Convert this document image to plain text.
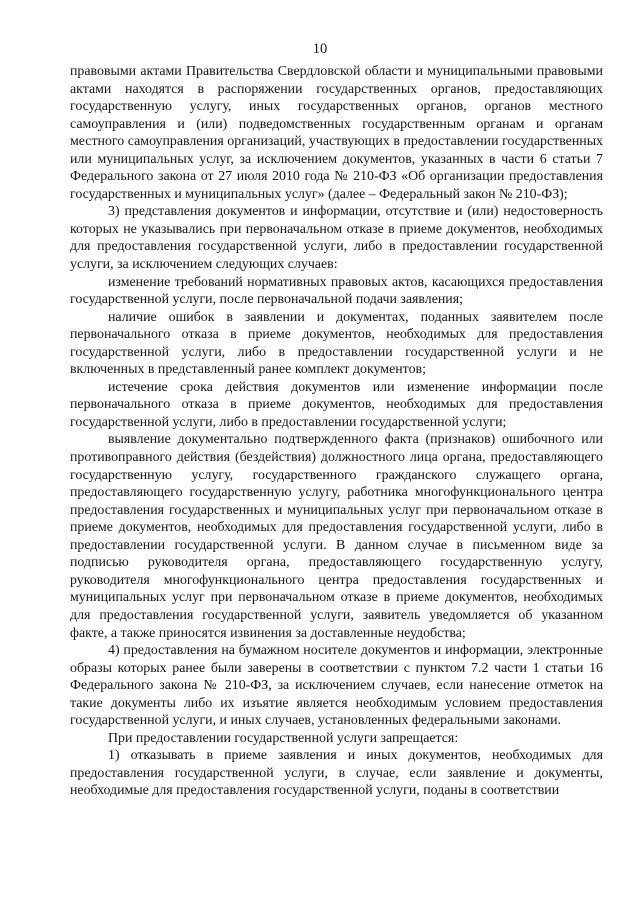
10

правовыми актами Правительства Свердловской области и муниципальными правовыми актами находятся в распоряжении государственных органов, предоставляющих государственную услугу, иных государственных органов, органов местного самоуправления и (или) подведомственных государственным органам и органам местного самоуправления организаций, участвующих в предоставлении государственных или муниципальных услуг, за исключением документов, указанных в части 6 статьи 7 Федерального закона от 27 июля 2010 года № 210-ФЗ «Об организации предоставления государственных и муниципальных услуг» (далее – Федеральный закон № 210-ФЗ);

3) представления документов и информации, отсутствие и (или) недостоверность которых не указывались при первоначальном отказе в приеме документов, необходимых для предоставления государственной услуги, либо в предоставлении государственной услуги, за исключением следующих случаев:

изменение требований нормативных правовых актов, касающихся предоставления государственной услуги, после первоначальной подачи заявления;

наличие ошибок в заявлении и документах, поданных заявителем после первоначального отказа в приеме документов, необходимых для предоставления государственной услуги, либо в предоставлении государственной услуги и не включенных в представленный ранее комплект документов;

истечение срока действия документов или изменение информации после первоначального отказа в приеме документов, необходимых для предоставления государственной услуги, либо в предоставлении государственной услуги;

выявление документально подтвержденного факта (признаков) ошибочного или противоправного действия (бездействия) должностного лица органа, предоставляющего государственную услугу, государственного гражданского служащего органа, предоставляющего государственную услугу, работника многофункционального центра предоставления государственных и муниципальных услуг при первоначальном отказе в приеме документов, необходимых для предоставления государственной услуги, либо в предоставлении государственной услуги. В данном случае в письменном виде за подписью руководителя органа, предоставляющего государственную услугу, руководителя многофункционального центра предоставления государственных и муниципальных услуг при первоначальном отказе в приеме документов, необходимых для предоставления государственной услуги, заявитель уведомляется об указанном факте, а также приносятся извинения за доставленные неудобства;

4) предоставления на бумажном носителе документов и информации, электронные образы которых ранее были заверены в соответствии с пунктом 7.2 части 1 статьи 16 Федерального закона № 210-ФЗ, за исключением случаев, если нанесение отметок на такие документы либо их изъятие является необходимым условием предоставления государственной услуги, и иных случаев, установленных федеральными законами.

При предоставлении государственной услуги запрещается:

1) отказывать в приеме заявления и иных документов, необходимых для предоставления государственной услуги, в случае, если заявление и документы, необходимые для предоставления государственной услуги, поданы в соответствии
